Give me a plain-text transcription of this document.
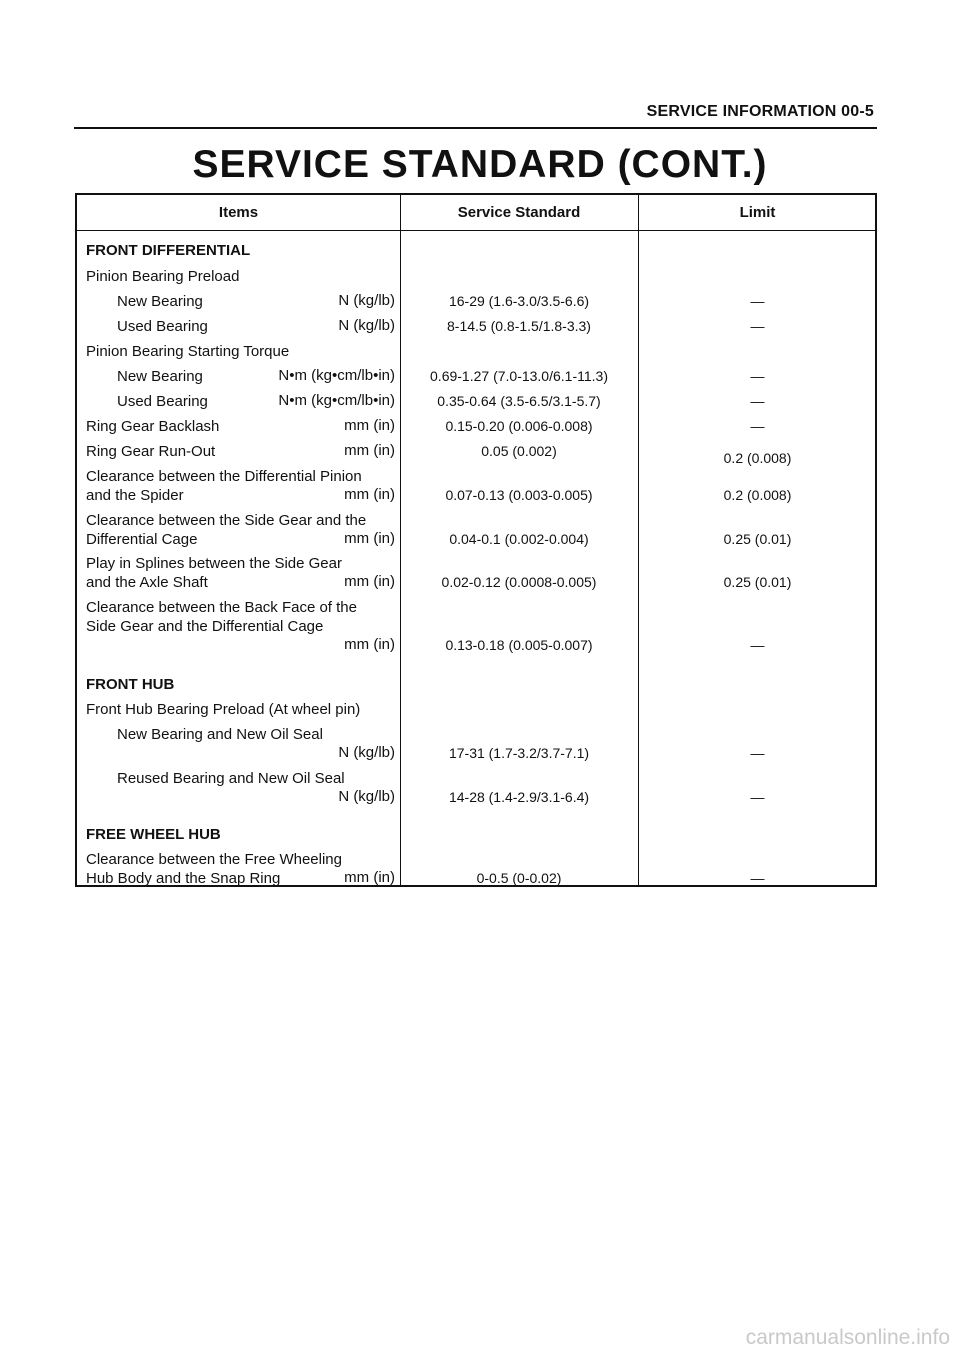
SERVICE INFORMATION 00-5
SERVICE STANDARD (CONT.)
Items	Service Standard	Limit
FRONT DIFFERENTIAL
Pinion Bearing Preload
New Bearing	N (kg/lb)	16-29 (1.6-3.0/3.5-6.6)	—
Used Bearing	N (kg/lb)	8-14.5 (0.8-1.5/1.8-3.3)	—
Pinion Bearing Starting Torque
New Bearing	N•m (kg•cm/lb•in)	0.69-1.27 (7.0-13.0/6.1-11.3)	—
Used Bearing	N•m (kg•cm/lb•in)	0.35-0.64 (3.5-6.5/3.1-5.7)	—
Ring Gear Backlash	mm (in)	0.15-0.20 (0.006-0.008)	—
Ring Gear Run-Out	mm (in)	0.05 (0.002)	0.2 (0.008)
Clearance between the Differential Pinion
and the Spider	mm (in)	0.07-0.13 (0.003-0.005)	0.2 (0.008)
Clearance between the Side Gear and the
Differential Cage	mm (in)	0.04-0.1 (0.002-0.004)	0.25 (0.01)
Play in Splines between the Side Gear
and the Axle Shaft	mm (in)	0.02-0.12 (0.0008-0.005)	0.25 (0.01)
Clearance between the Back Face of the
Side Gear and the Differential Cage
mm (in)	0.13-0.18 (0.005-0.007)	—
FRONT HUB
Front Hub Bearing Preload (At wheel pin)
New Bearing and New Oil Seal
N (kg/lb)	17-31 (1.7-3.2/3.7-7.1)	—
Reused Bearing and New Oil Seal
N (kg/lb)	14-28 (1.4-2.9/3.1-6.4)	—
FREE WHEEL HUB
Clearance between the Free Wheeling
Hub Body and the Snap Ring	mm (in)	0-0.5 (0-0.02)	—
carmanualsonline.info
